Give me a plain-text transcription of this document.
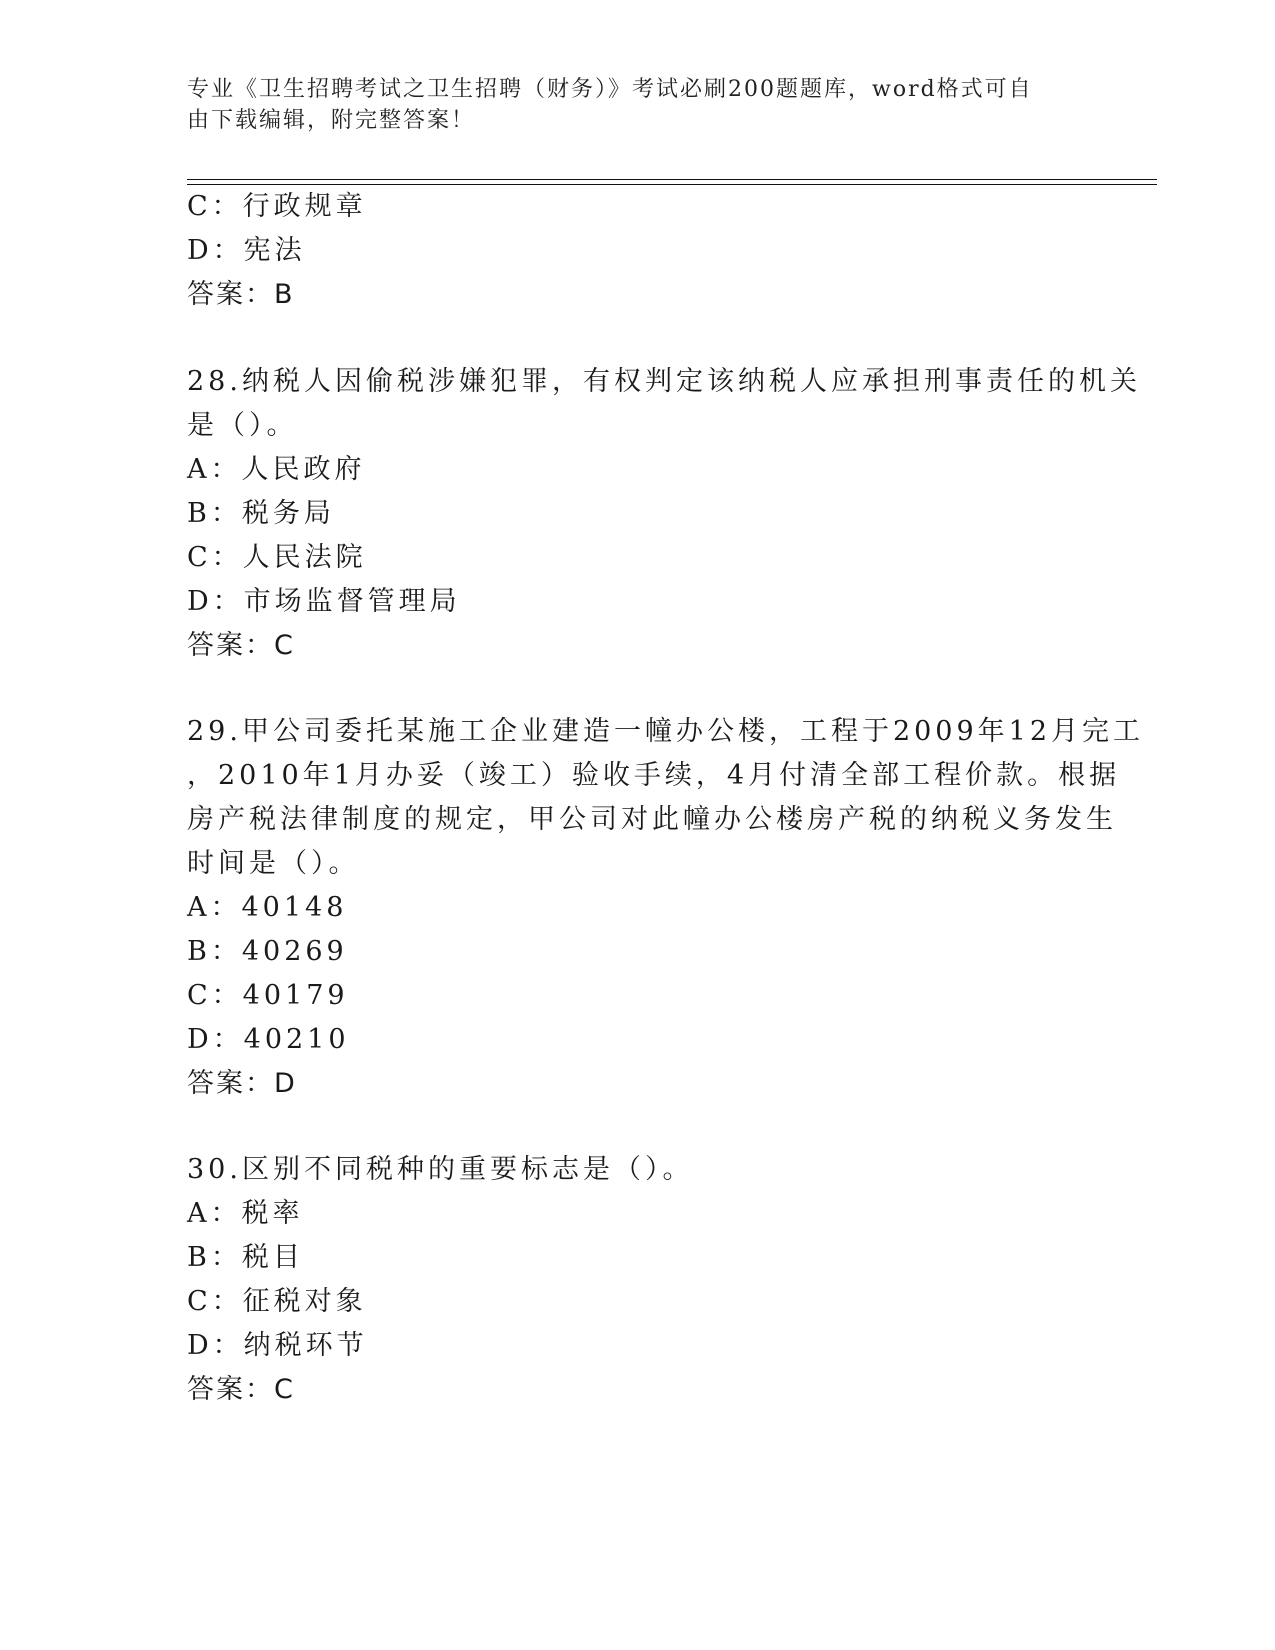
专业《卫生招聘考试之卫生招聘（财务）》考试必刷200题题库，word格式可自
由下载编辑，附完整答案！
C：行政规章
D：宪法
答案：B
28.纳税人因偷税涉嫌犯罪，有权判定该纳税人应承担刑事责任的机关
是（）。
A：人民政府
B：税务局
C：人民法院
D：市场监督管理局
答案：C
29.甲公司委托某施工企业建造一幢办公楼，工程于2009年12月完工
，2010年1月办妥（竣工）验收手续，4月付清全部工程价款。根据
房产税法律制度的规定，甲公司对此幢办公楼房产税的纳税义务发生
时间是（）。
A：40148
B：40269
C：40179
D：40210
答案：D
30.区别不同税种的重要标志是（）。
A：税率
B：税目
C：征税对象
D：纳税环节
答案：C
